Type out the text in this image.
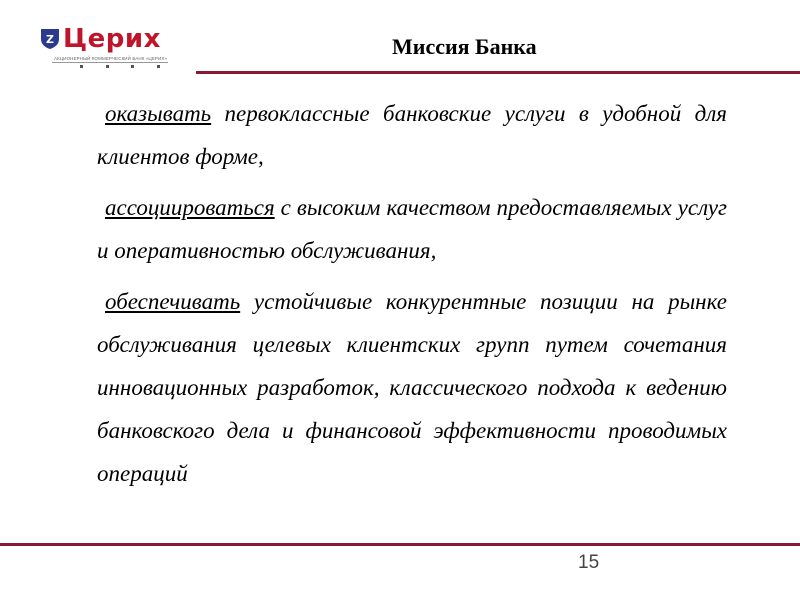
Z Церих
АКЦИОНЕРНЫЙ КОММЕРЧЕСКИЙ БАНК «ЦЕРИХ»	Миссия Банка

оказывать первоклассные банковские услуги в удобной для клиентов форме,

ассоциироваться с высоким качеством предоставляемых услуг и оперативностью обслуживания,

обеспечивать устойчивые конкурентные позиции на рынке обслуживания целевых клиентских групп путем сочетания инновационных разработок, классического подхода к ведению банковского дела и финансовой эффективности проводимых операций

15
